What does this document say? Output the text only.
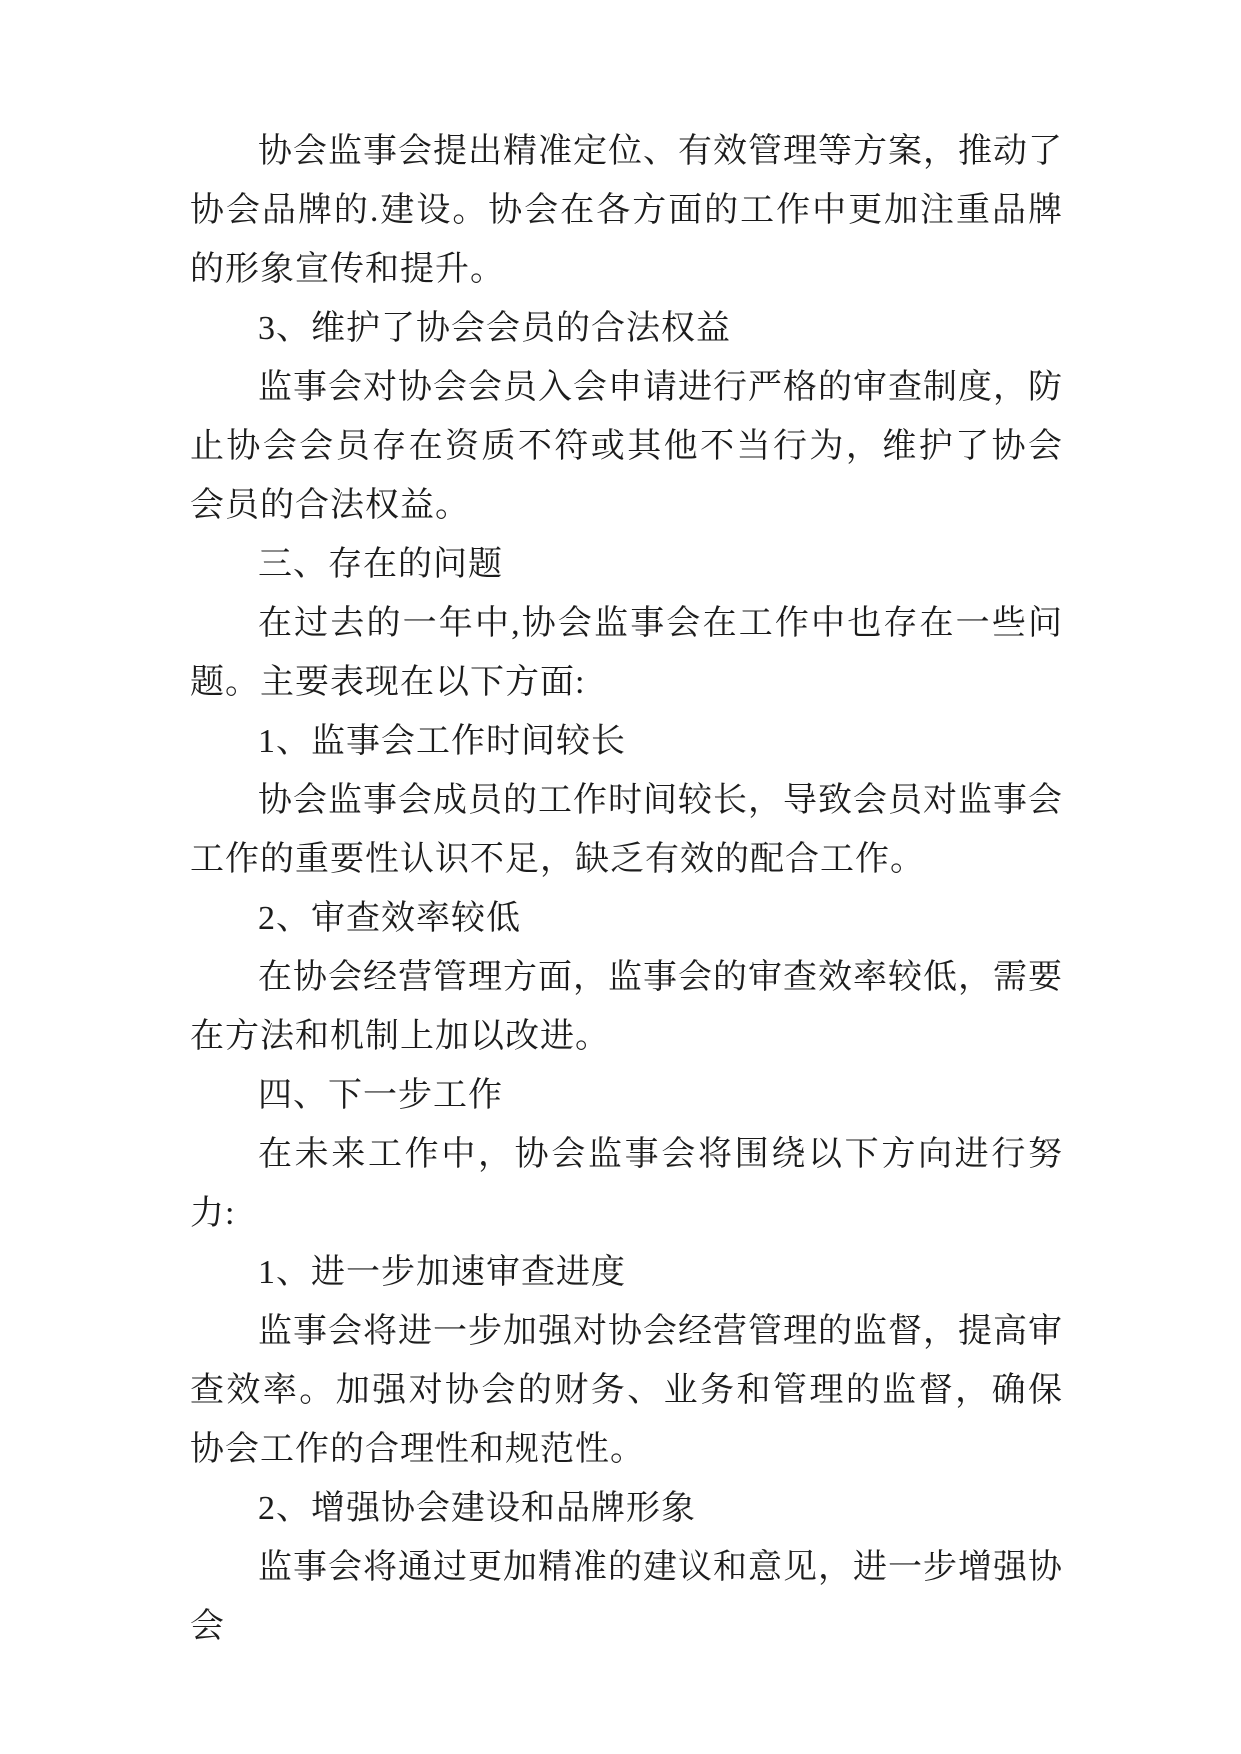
协会监事会提出精准定位、有效管理等方案，推动了协会品牌的.建设。协会在各方面的工作中更加注重品牌的形象宣传和提升。

3、维护了协会会员的合法权益

监事会对协会会员入会申请进行严格的审查制度，防止协会会员存在资质不符或其他不当行为，维护了协会会员的合法权益。

三、存在的问题

在过去的一年中,协会监事会在工作中也存在一些问题。主要表现在以下方面:

1、监事会工作时间较长

协会监事会成员的工作时间较长，导致会员对监事会工作的重要性认识不足，缺乏有效的配合工作。

2、审查效率较低

在协会经营管理方面，监事会的审查效率较低，需要在方法和机制上加以改进。

四、下一步工作

在未来工作中，协会监事会将围绕以下方向进行努力:

1、进一步加速审查进度

监事会将进一步加强对协会经营管理的监督，提高审查效率。加强对协会的财务、业务和管理的监督，确保协会工作的合理性和规范性。

2、增强协会建设和品牌形象

监事会将通过更加精准的建议和意见，进一步增强协会
